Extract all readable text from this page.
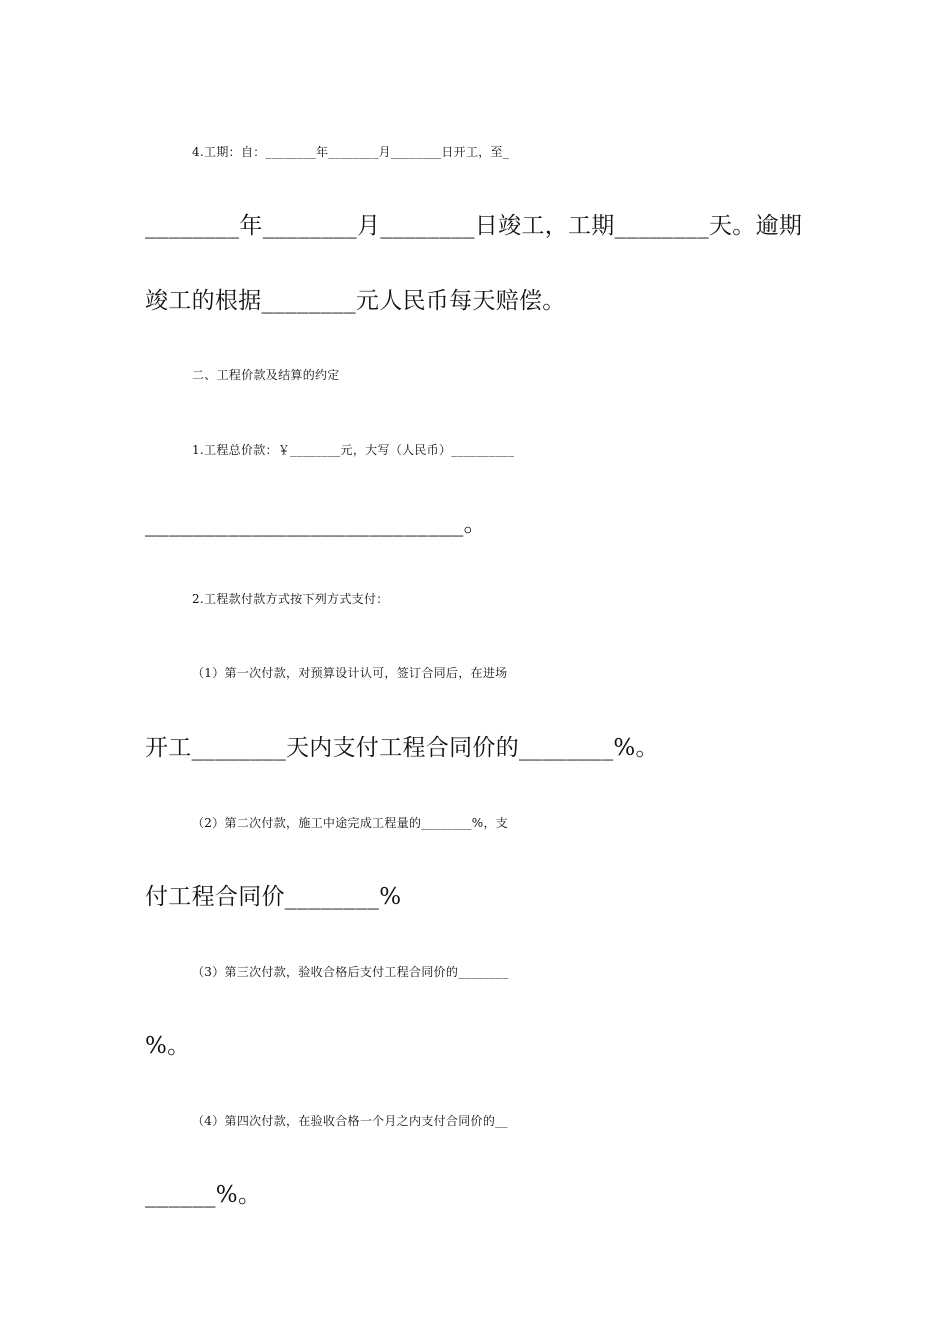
4.工期：自：________年________月________日开工，至_
________年________月________日竣工，工期________天。逾期
竣工的根据________元人民币每天赔偿。
二、工程价款及结算的约定
1.工程总价款：￥________元，大写（人民币）__________
___________________________。
2.工程款付款方式按下列方式支付：
（1）第一次付款，对预算设计认可，签订合同后，在进场
开工________天内支付工程合同价的________%。
（2）第二次付款，施工中途完成工程量的________%，支
付工程合同价________%
（3）第三次付款，验收合格后支付工程合同价的________
%。
（4）第四次付款，在验收合格一个月之内支付合同价的__
______%。
